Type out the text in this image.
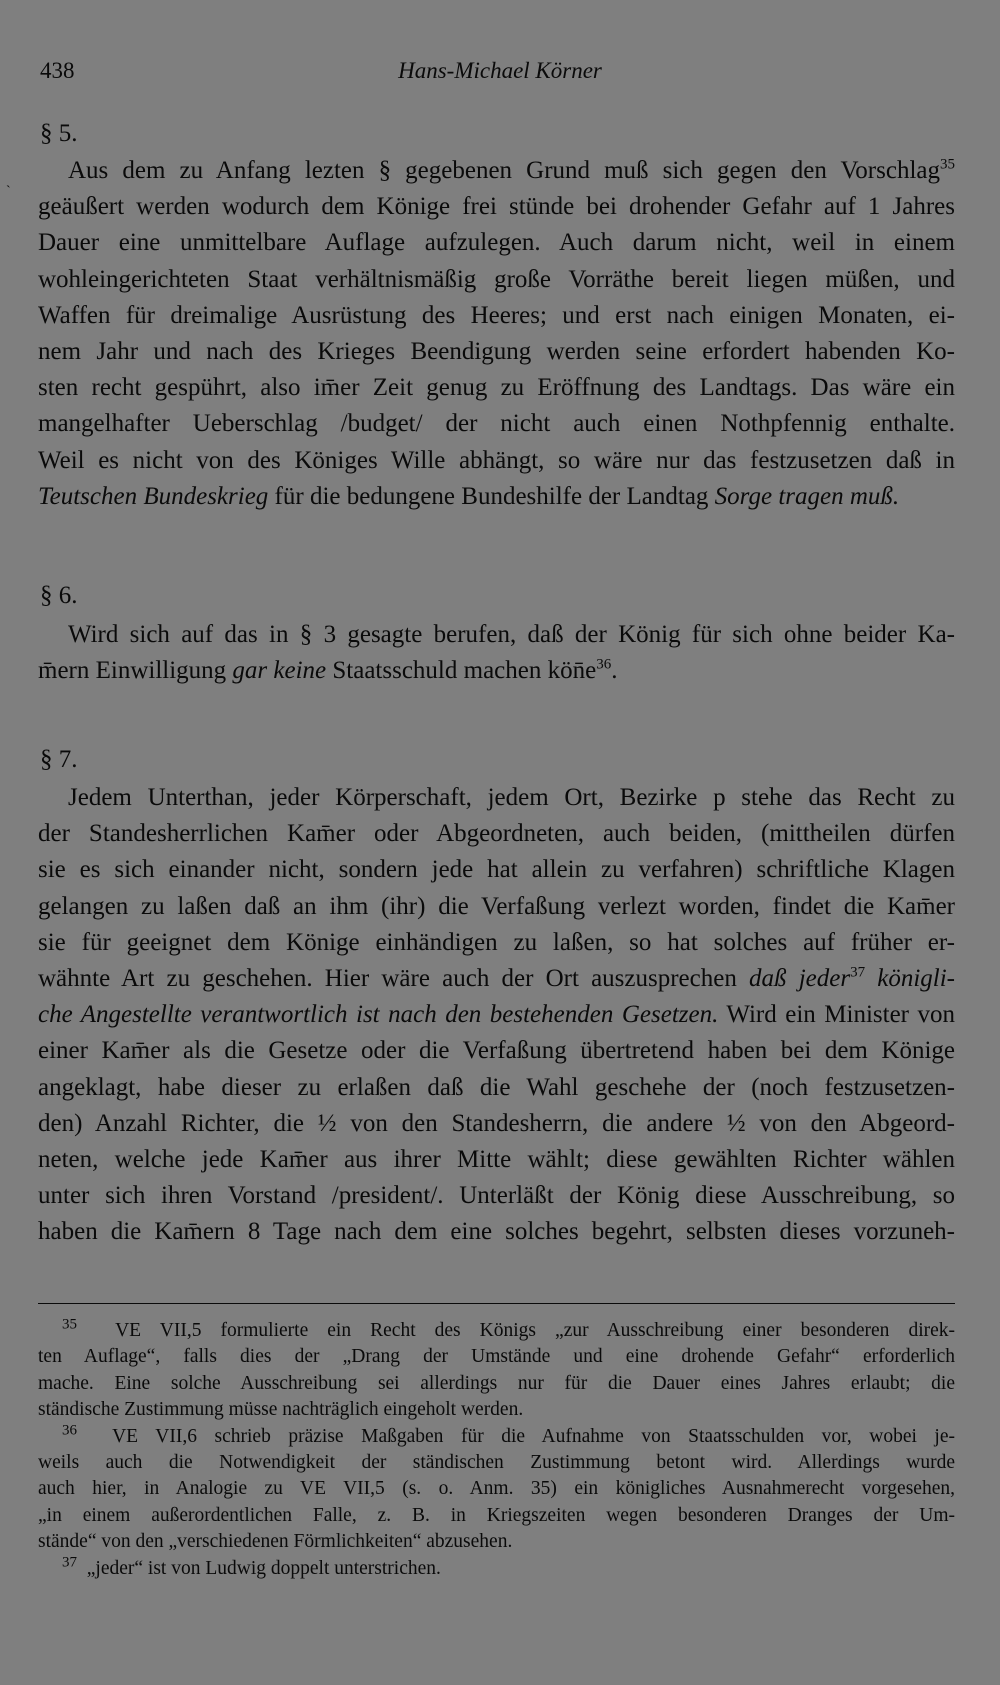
438	Hans-Michael Körner
`
§ 5.
Aus dem zu Anfang lezten § gegebenen Grund muß sich gegen den Vorschlag$^{35}$
geäußert werden wodurch dem Könige frei stünde bei drohender Gefahr auf 1 Jahres
Dauer eine unmittelbare Auflage aufzulegen. Auch darum nicht, weil in einem
wohleingerichteten Staat verhältnismäßig große Vorräthe bereit liegen müßen, und
Waffen für dreimalige Ausrüstung des Heeres; und erst nach einigen Monaten, ei-
nem Jahr und nach des Krieges Beendigung werden seine erfordert habenden Ko-
sten recht gespührt, also im̄er Zeit genug zu Eröffnung des Landtags. Das wäre ein
mangelhafter Ueberschlag /budget/ der nicht auch einen Nothpfennig enthalte.
Weil es nicht von des Königes Wille abhängt, so wäre nur das festzusetzen daß in
Teutschen Bundeskrieg für die bedungene Bundeshilfe der Landtag Sorge tragen muß.
§ 6.
Wird sich auf das in § 3 gesagte berufen, daß der König für sich ohne beider Ka-
m̄ern Einwilligung gar keine Staatsschuld machen $kön̄e^{36}$.
§ 7.
Jedem Unterthan, jeder Körperschaft, jedem Ort, Bezirke p stehe das Recht zu
der Standesherrlichen Kam̄er oder Abgeordneten, auch beiden, (mittheilen dürfen
sie es sich einander nicht, sondern jede hat allein zu verfahren) schriftliche Klagen
gelangen zu laßen daß an ihm (ihr) die Verfaßung verlezt worden, findet die Kam̄er
sie für geeignet dem Könige einhändigen zu laßen, so hat solches auf früher er-
wähnte Art zu geschehen. Hier wäre auch der Ort auszusprechen daß jeder$^{37}$ königli-
che Angestellte verantwortlich ist nach den bestehenden Gesetzen. Wird ein Minister von
einer Kam̄er als die Gesetze oder die Verfaßung übertretend haben bei dem Könige
angeklagt, habe dieser zu erlaßen daß die Wahl geschehe der (noch festzusetzen-
den) Anzahl Richter, die ½ von den Standesherrn, die andere ½ von den Abgeord-
neten, welche jede Kam̄er aus ihrer Mitte wählt; diese gewählten Richter wählen
unter sich ihren Vorstand /president/. Unterläßt der König diese Ausschreibung, so
haben die Kam̄ern 8 Tage nach dem eine solches begehrt, selbsten dieses vorzuneh-
$^{35}$ VE VII,5 formulierte ein Recht des Königs „zur Ausschreibung einer besonderen direk-
ten Auflage“, falls dies der „Drang der Umstände und eine drohende Gefahr“ erforderlich
mache. Eine solche Ausschreibung sei allerdings nur für die Dauer eines Jahres erlaubt; die
ständische Zustimmung müsse nachträglich eingeholt werden.
$^{36}$ VE VII,6 schrieb präzise Maßgaben für die Aufnahme von Staatsschulden vor, wobei je-
weils auch die Notwendigkeit der ständischen Zustimmung betont wird. Allerdings wurde
auch hier, in Analogie zu VE VII,5 (s. o. Anm. 35) ein königliches Ausnahmerecht vorgesehen,
„in einem außerordentlichen Falle, z. B. in Kriegszeiten wegen besonderen Dranges der Um-
stände“ von den „verschiedenen Förmlichkeiten“ abzusehen.
$^{37}$ „jeder“ ist von Ludwig doppelt unterstrichen.
